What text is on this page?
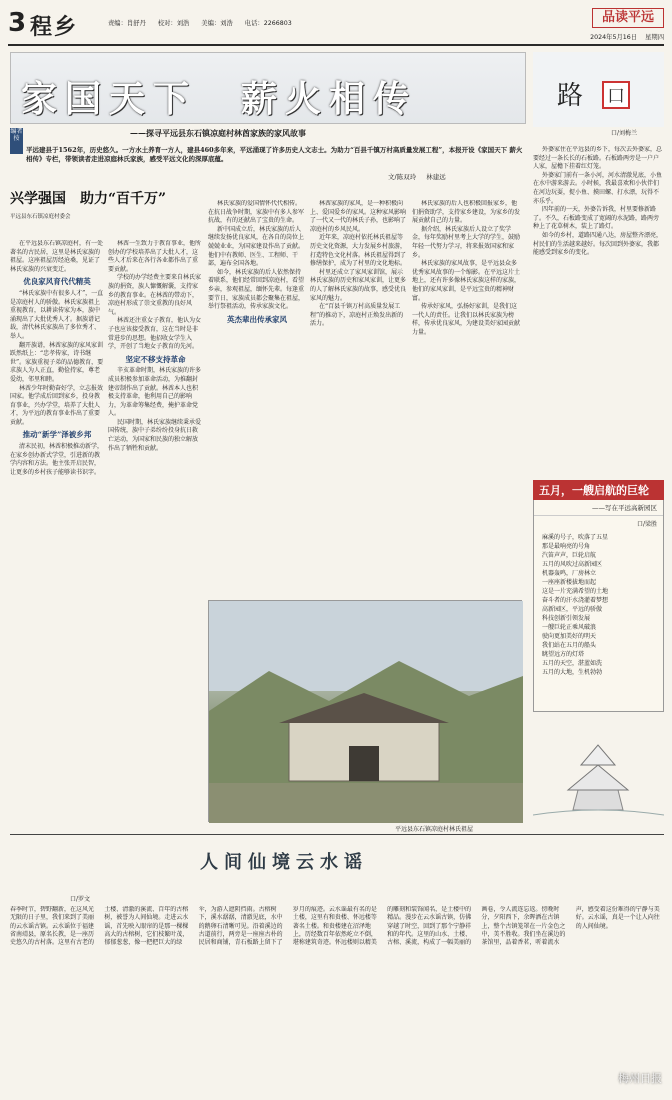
3 程乡	责编：肖舒丹 校对：刘浩 美编：刘浩 电话：2266803	品读平远
2024年5月16日 星期四
家国天下　薪火相传	路 口
口/刘梅兰
——探寻平远县东石镇凉庭村林酋家族的家风故事
编者按
平远建县于1562年，历史悠久。一方水土养育一方人，建县460多年来，平远涌现了许多历史人文志士。为助力“百县千镇万村高质量发展工程”，本报开设《家国天下 薪火相传》专栏，带领读者走进凉庭林氏家族，感受平远文化的深厚底蕴。
文/陈双玲 林建远
兴学强国　助力“百千万”
平远县东石镇凉庭村委会

在平远县东石镇凉庭村，有一处著名的古民居，这里是林氏家族的祖屋。这座祖屋历经沧桑，见证了林氏家族的兴衰变迁。

优良家风育代代精英

“林氏家族中有很多人才”，一直是凉庭村人的骄傲。林氏家族祖上重视教育，以耕读传家为本，族中涌现出了大批优秀人才。据族谱记载，清代林氏家族出了多位秀才、举人。

翻开族谱，林酋家族的家风家训跃然纸上：“忠孝传家，诗书继世”。家族重视子弟的品德教育，要求族人为人正直，勤俭持家，尊老爱幼，邻里和睦。

林酋少年时勤奋好学，立志报效国家。他学成后回到家乡，投身教育事业，兴办学堂，培养了大批人才，为平远的教育事业作出了重要贡献。

推动“新学”泽被乡邦

清末民初，林酋积极推动新学，在家乡创办新式学堂，引进新的教学内容和方法。他主张开启民智，让更多的乡村孩子能够读书识字。

林酋一生致力于教育事业，他所创办的学校培养出了大批人才，这些人才后来在各行各业都作出了重要贡献。

学校的办学经费主要来自林氏家族的捐资，族人慷慨解囊，支持家乡的教育事业。在林酋的带动下，凉庭村形成了崇文重教的良好风气。

林酋还注重女子教育，他认为女子也应该接受教育，这在当时是非常进步的思想。他招收女学生入学，开创了当地女子教育的先河。

坚定不移支持革命

辛亥革命时期，林氏家族的许多成员积极参加革命活动，为推翻封建帝制作出了贡献。林酋本人也积极支持革命，他利用自己的影响力，为革命筹集经费，掩护革命党人。

民国时期，林氏家族继续秉承爱国传统，族中子弟纷纷投身抗日救亡运动，为国家和民族的独立解放作出了牺牲和贡献。

林氏家族的爱国情怀代代相传。在抗日战争时期，家族中有多人参军抗战，有的还献出了宝贵的生命。

新中国成立后，林氏家族的后人继续发扬优良家风，在各自的岗位上兢兢业业，为国家建设作出了贡献。他们中有教师、医生、工程师、干部，遍布全国各地。

如今，林氏家族的后人依然保持着联系，他们经常回到凉庭村，看望乡亲，参观祖屋，缅怀先辈。每逢重要节日，家族成员都会聚集在祖屋，举行祭祖活动，传承家族文化。

英杰辈出传承家风

林酋家族的家风，是一种积极向上、爱国爱乡的家风。这种家风影响了一代又一代的林氏子孙，也影响了凉庭村的乡风民风。

近年来，凉庭村依托林氏祖屋等历史文化资源，大力发展乡村旅游，打造特色文化村落。林氏祖屋得到了修缮保护，成为了村里的文化地标。

村里还成立了家风家训馆，展示林氏家族的历史和家风家训，让更多的人了解林氏家族的故事，感受优良家风的魅力。

在“百县千镇万村高质量发展工程”的推动下，凉庭村正焕发出新的活力。

林氏家族的后人也积极回报家乡，他们捐资助学，支持家乡建设，为家乡的发展贡献自己的力量。

据介绍，林氏家族后人设立了奖学金，每年奖励村里考上大学的学生，鼓励年轻一代努力学习，将来报效国家和家乡。

林氏家族的家风故事，是平远县众多优秀家风故事的一个缩影。在平远这片土地上，还有许多像林氏家族这样的家族，他们的家风家训，是平远宝贵的精神财富。

传承好家风，弘扬好家训，是我们这一代人的责任。让我们以林氏家族为榜样，传承优良家风，为建设美好家园贡献力量。

外婆家住在平远县的乡下，每次去外婆家，总要经过一条长长的石板路。石板路两旁是一户户人家，屋檐下挂着红灯笼。

外婆家门前有一条小河，河水清澈见底，小鱼在水中游来游去。小时候，我最喜欢和小伙伴们在河边玩耍，捉小鱼、摸田螺、打水漂，玩得不亦乐乎。

四年前的一天，外婆告诉我，村里要修新路了。不久，石板路变成了宽阔的水泥路，路两旁种上了花草树木，装上了路灯。

如今的乡村，道路四通八达，房屋整齐漂亮，村民们的生活越来越好。每次回到外婆家，我都能感受到家乡的变化。

平远县东石镇凉庭村林氏祖屋
五月，一艘启航的巨轮
——写在平远高新园区
口/梁胜
麻溪的号子，吹落了五星
那是最响亮的号角
汽笛声声，巨轮启航
五月的风吹过高新园区
机器轰鸣，厂房林立
一座座新楼拔地而起
这是一片充满希望的土地
奋斗者的汗水浇灌着梦想
高新园区，平远的骄傲
科技创新引领发展
一艘巨轮正乘风破浪
驶向更加美好的明天
我们站在五月的船头
眺望远方的灯塔
五月的天空，湛蓝如洗
五月的大地，生机勃勃
人间仙境云水谣
口/罗文
春季时节，碧野翻新，在这风光无限的日子里，我们来到了美丽的云水谣古镇。云水谣位于福建省南靖县，原名长教，是一座历史悠久的古村落。这里有古老的土楼、清澈的溪流、百年的古榕树，被誉为人间仙境。走进云水谣，首先映入眼帘的是那一棵棵高大的古榕树，它们枝繁叶茂，郁郁葱葱，像一把把巨大的绿伞，为游人遮阴挡雨。古榕树下，溪水潺潺，清澈见底，水中的鹅卵石清晰可见。沿着溪边的古道前行，两旁是一座座古朴的民居和商铺，青石板路上留下了岁月的痕迹。云水谣最有名的是土楼，这里有和贵楼、怀远楼等著名土楼。和贵楼建在沼泽地上，历经数百年依然屹立不倒，堪称建筑奇迹。怀远楼则以精美的雕刻和装饰闻名，是土楼中的精品。漫步在云水谣古镇，仿佛穿越了时空，回到了那个宁静祥和的年代。这里的山水、土楼、古榕、溪流，构成了一幅美丽的画卷，令人流连忘返。傍晚时分，夕阳西下，余晖洒在古镇上，整个古镇笼罩在一片金色之中，美不胜收。我们坐在溪边的茶馆里，品着香茗，听着流水声，感受着这份难得的宁静与美好。云水谣，真是一个让人向往的人间仙境。
梅州日报
